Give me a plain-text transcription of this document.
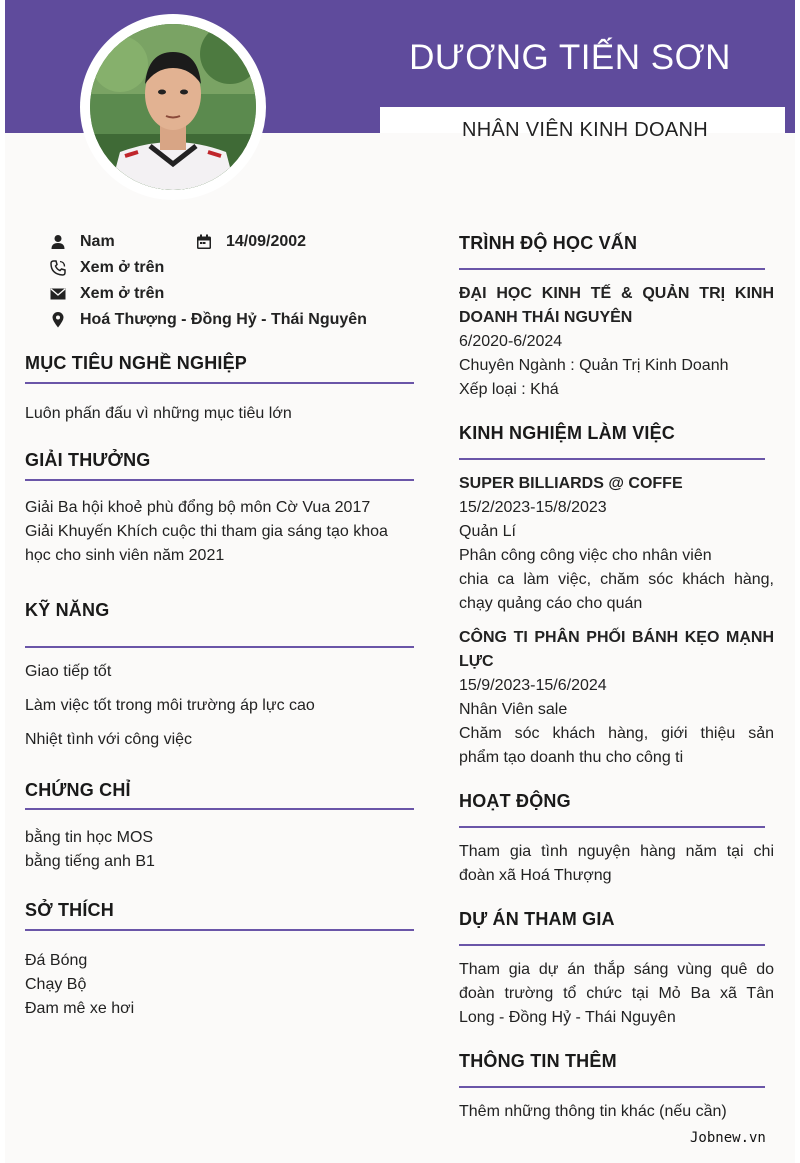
DƯƠNG TIẾN SƠN
NHÂN VIÊN KINH DOANH
Nam	14/09/2002
Xem ở trên
Xem ở trên
Hoá Thượng - Đồng Hỷ - Thái Nguyên
MỤC TIÊU NGHỀ NGHIỆP
Luôn phấn đấu vì những mục tiêu lớn
GIẢI THƯỞNG
Giải Ba hội khoẻ phù đổng bộ môn Cờ Vua 2017
Giải Khuyến Khích cuộc thi tham gia sáng tạo khoa
học cho sinh viên năm 2021
KỸ NĂNG
Giao tiếp tốt
Làm việc tốt trong môi trường áp lực cao
Nhiệt tình với công việc
CHỨNG CHỈ
bằng tin học MOS
bằng tiếng anh B1
SỞ THÍCH
Đá Bóng
Chạy Bộ
Đam mê xe hơi
TRÌNH ĐỘ HỌC VẤN
ĐẠI HỌC KINH TẾ & QUẢN TRỊ KINH
DOANH THÁI NGUYÊN
6/2020-6/2024
Chuyên Ngành : Quản Trị Kinh Doanh
Xếp loại : Khá
KINH NGHIỆM LÀM VIỆC
SUPER BILLIARDS @ COFFE
15/2/2023-15/8/2023
Quản Lí
Phân công công việc cho nhân viên
chia ca làm việc, chăm sóc khách hàng,
chạy quảng cáo cho quán
CÔNG TI PHÂN PHỐI BÁNH KẸO MẠNH
LỰC
15/9/2023-15/6/2024
Nhân Viên sale
Chăm sóc khách hàng, giới thiệu sản
phẩm tạo doanh thu cho công ti
HOẠT ĐỘNG
Tham gia tình nguyện hàng năm tại chi
đoàn xã Hoá Thượng
DỰ ÁN THAM GIA
Tham gia dự án thắp sáng vùng quê do
đoàn trường tổ chức tại Mỏ Ba xã Tân
Long - Đồng Hỷ - Thái Nguyên
THÔNG TIN THÊM
Thêm những thông tin khác (nếu cần)
Jobnew.vn
